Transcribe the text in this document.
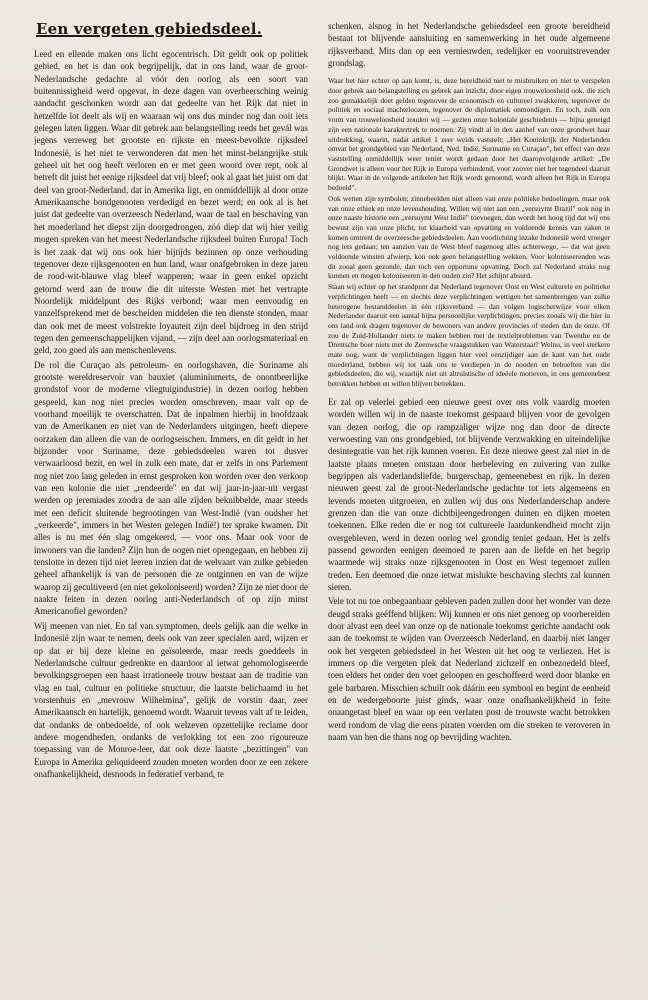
Een vergeten gebiedsdeel.

Leed en ellende maken ons licht egocentrisch. Dit geldt ook op politiek gebied, en het is dan ook begrijpelijk, dat in ons land, waar de groot-Nederlandsche gedachte al vóór den oorlog als een soort van buitennissigheid werd opgevat, in deze dagen van overheersching weinig aandacht geschonken wordt aan dat gedeelte van het Rijk dat niet in hetzelfde lot deelt als wij en waaraan wij ons dus minder nog dan ooit iets gelegen laten liggen. Waar dit gebrek aan belangstelling reeds het gevál was jegens verreweg het grootste en rijkste en meest-bevolkte rijksdeel Indonesië, is het niet te verwonderen dat men het minst-belangrijke stuk geheel uit het oog heeft verloren en er met geen woord over rept, ook al betreft dit juist het eenige rijksdeel dat vrij bleef; ook al gaat het juist om dat deel van groot-Nederland, dat in Amerika ligt, en onmiddellijk al door onze Amerikaansche bondgenooten verdedigd en bezet werd; en ook al is het juist dat gedeelte van overzeesch Nederland, waar de taal en beschaving van het moederland het diepst zijn doorgedrongen, zóó diep dat wij hier veilig mogen spreken van het meest Nederlandsche rijksdeel buiten Europa! Toch is het zaak dat wij ons ook hier bijtijds bezinnen op onze verhouding tegenover deze rijksgenooten en hun land, waar onafgebroken in deze jaren de rood-wit-blauwe vlag bleef wapperen; waar in geen enkel opzicht getornd werd aan de trouw die dit uiterste Westen met het vertrapte Noordelijk middelpunt des Rijks verbond; waar men eenvoudig en vanzelfsprekend met de bescheiden middelen die ten dienste stonden, maar dan ook met de meest volstrekte loyauteit zijn deel bijdroeg in den strijd tegen den gemeenschappelijken vijand, — zijn deel aan oorlogsmateriaal en geld, zoo goed als aan menschenlevens.

De rol die Curaçao als petroleum- en oorlogshaven, die Suriname als grootste wereldreservoir van bauxiet (aluminiumerts, de onontbeerlijke grondstof voor de moderne vliegtuigindustrie) in dezen oorlog hebben gespeeld, kan nog niet precies worden omschreven, maar valt op de voorhand moeilijk te overschatten. Dat de inpalmen hierbij in hoofdzaak van de Amerikanen en niet van de Nederlanders uitgingen, heeft diepere oorzaken dan alleen die van de oorlogseischen. Immers, en dit geldt in het bijzonder voor Suriname, deze gebiedsdeelen waren tot dusver verwaarloosd bezit, en wel in zulk een mate, dat er zelfs in ons Parlement nog niet zoo lang geleden in ernst gesproken kon worden over den verkoop van een kolonie die niet „rendeerde" en dat wij jaar-in-jaar-uit vergast werden op jeremiades zoodra de aan alle zijden beknibbelde, maar steeds met een deficit sluitende begrootingen van West-Indië (van oudsher het „verkeerde", immers in het Westen gelegen Indië!) ter sprake kwamen. Dit alles is nu met één slag omgekeerd, — voor ons. Maar ook voor de inwoners van die landen? Zijn hun de oogen niet opengegaan, en hebben zij tenslotte in dezen tijd niet leeren inzien dat de welvaart van zulke gebieden geheel afhankelijk is van de personen die ze ontginnen en van de wijze waarop zij gecultiveerd (en niet gekoloniseerd) worden? Zijn ze niet door de naakte feiten in dezen oorlog anti-Nederlandsch of op zijn minst Americanofiel geworden?

Wij meenen van niet. En tal van symptomen, deels gelijk aan die welke in Indonesië zijn waar te nemen, deels ook van zeer specialen aard, wijzen er op dat er bij deze kleine en geïsoleerde, maar reeds goeddeels in Nederlandsche cultuur gedrenkte en daardoor al ietwat gehomologiseerde bevolkingsgroepen een haast irrationeele trouw bestaat aan de traditie van vlag en taal, cultuur en politieke structuur, die laatste belichaamd in het vorstenhuis en „mevrouw Wilhelmina", gelijk de vorstin daar, zeer Amerikaansch en hartelijk, genoemd wordt. Waaruit tevens valt af te leiden, dat ondanks de onbedoelde, of ook welzeven opzettelijke reclame door andere mogendheden, ondanks de verlokking tot een zoo rigoureuze toepassing van de Monroe-leer, dat ook deze laatste „bezittingen" van Europa in Amerika geliquideerd zouden moeten worden door ze een zekere onafhankelijkheid, desnoods in federatief verband, te

schenken, alsnog in het Nederlandsche gebiedsdeel een groote bereidheid bestaat tot blijvende aansluiting en samenwerking in het oude algemeene rijksverband. Mits dan op een vernieuwden, redelijker en vooruitstrevender grondslag.

Waar het hier echter op aan komt, is, deze bereidheid niet te misbruiken en niet te verspelen door gebrek aan belangstelling en gebrek aan inzicht, door eigen trouweloosheid ook, die zich zoo gemakkelijk doet gelden tegenover de economisch en cultureel zwakkeren, tegenover de politiek en sociaal machteloozen, tegenover de diplomatiek onmondigen. En toch, zulk een vorm van trouweloosheid zouden wij — gezien onze koloniale geschiedenis — bijna geneigd zijn een nationale karaktertrek te noemen. Zij vindt al in den aanhef van onze grondwet haar uitdrukking, waarin, nadat artikel 1 zeer weids vaststelt: „Het Koninkrijk der Nederlanden omvat het grondgebied van Nederland, Ned. Indië, Suriname en Curaçao", het effect van deze vaststelling onmiddellijk weer teniet wordt gedaan door het daaropvolgende artikel: „De Grondwet is alleen voor het Rijk in Europa verbindend, voor zoover niet het tegendeel daaruit blijkt. Waar in de volgende artikelen het Rijk wordt genoemd, wordt alleen het Rijk in Europa bedoeld".

Ook wetten zijn symbolen; zinnebeelden niet alleen van onze politieke bedoelingen, maar ook van onze ethiek en onze levenshouding. Willen wij niet aan een „versuymt Brazil" ook nog in onze naaste historie een „versuymt West Indië" toevoegen, dan wordt het hoog tijd dat wij ons bewust zijn van onze plicht, tot klaarheid van opvatting en voldoende kennis van zaken te komen omtrent de overzeesche gebiedsdeelen. Aan voorlichting inzake Indonesië werd vroeger nog iets gedaan; ten aanzien van de West bleef nagenoeg alles achterwege, — dat wat geen voldoende winsten afwierp, kon ook geen belangstelling wekken. Voor koloniseerenden was dit zooal geen gezonde, dan toch een opportune opvatting. Doch zal Nederland straks nog kunnen en mogen koloniseeren in den ouden zin? Het schijnt absurd.

Staan wij echter op het standpunt dat Nederland tegenover Oost en West culturele en politieke verplichtingen heeft — en slechts deze verplichtingen wettigen het samenbrengen van zulke heterogene bestanddeelen in één rijksverband — dan volgen logischerwijze voor elken Nederlander daaruit een aantal bijna persoonlijke verplichtingen, precies zooals wij die hier in ons land ook dragen tegenover de bewoners van andere provincies of steden dan de onze. Of zou de Zuid-Hollander niets te maken hebben met de textielproblemen van Twenthe en de Drentsche boer niets met de Zeeuwsche vraagstukken van Waterstaat? Welnu, in veel sterkere mate nog, want de verplichtingen liggen hier veel eenzijdiger aan de kant van het oude moederland, hebben wij tot taak ons te verdiepen in de nooden en behoeften van die gebiedsdeelen, die wij, waarlijk niet uit altruïstische of ideëele motieven, in ons gemeenebest betrokken hebben en willen blijven betrekken.

Er zal op velerlei gebied een nieuwe geest over ons volk vaardig moeten worden willen wij in de naaste toekomst gespaard blijven voor de gevolgen van dezen oorlog, die op rampzaliger wijze nog dan door de directe verwoesting van ons grondgebied, tot blijvende verzwakking en uiteindelijke desintegratie van het rijk kunnen voeren. En deze nieuwe geest zal niet in de laatste plaats moeten ontstaan door herbeleving en zuivering van zulke begrippen als vaderlandsliefde, burgerschap, gemeenebest en rijk. In dezen nieuwen geest zal de groot-Nederlandsche gedachte tot iets algemeens en levends moeten uitgroeien, en zullen wij dus ons Nederlanderschap andere grenzen dan die van onze dichtbijeengedrongen duinen en dijken moeten toekennen. Elke reden die er nog tot cultureele laatdunkendheid mocht zijn overgebleven, werd in dezen oorlog wel grondig teniet gedaan. Het is zelfs passend geworden eenigen deemoed te paren aan de liefde en het begrip waarmede wij straks onze rijksgenooten in Oost en West tegemoet zullen treden. Een deemoed die onze ietwat mislukte beschaving slechts zal kunnen sieren.

Vele tot nu toe onbegaanbaar gebleven paden zullen door het wonder van deze deugd straks geëffend blijken: Wij kunnen er ons niet genoeg op voorbereiden door alvast een deel van onze op de nationale toekomst gerichte aandacht ook aan de toekomst te wijden van Overzeesch Nederland, en daarbij niet langer ook het vergeten gebiedsdeel in het Westen uit het oog te verliezen. Het is immers op die vergeten plek dat Nederland zichzelf en onbezoedeld bleef, toen elders het onder den voet geloopen en geschoffeerd werd door blanke en gele barbaren. Misschien schuilt ook dáárin een symbool en begint de eenheid en de wedergeboorte juist gínds, waar onze onafhankelijkheid in feite onaangetast bleef en waar op een verlaten post de trouwste wacht betrokken werd rondom de vlag die eens piraten voerden om die streken te veroveren in naam van hen die thans nog op bevrijding wachten.
